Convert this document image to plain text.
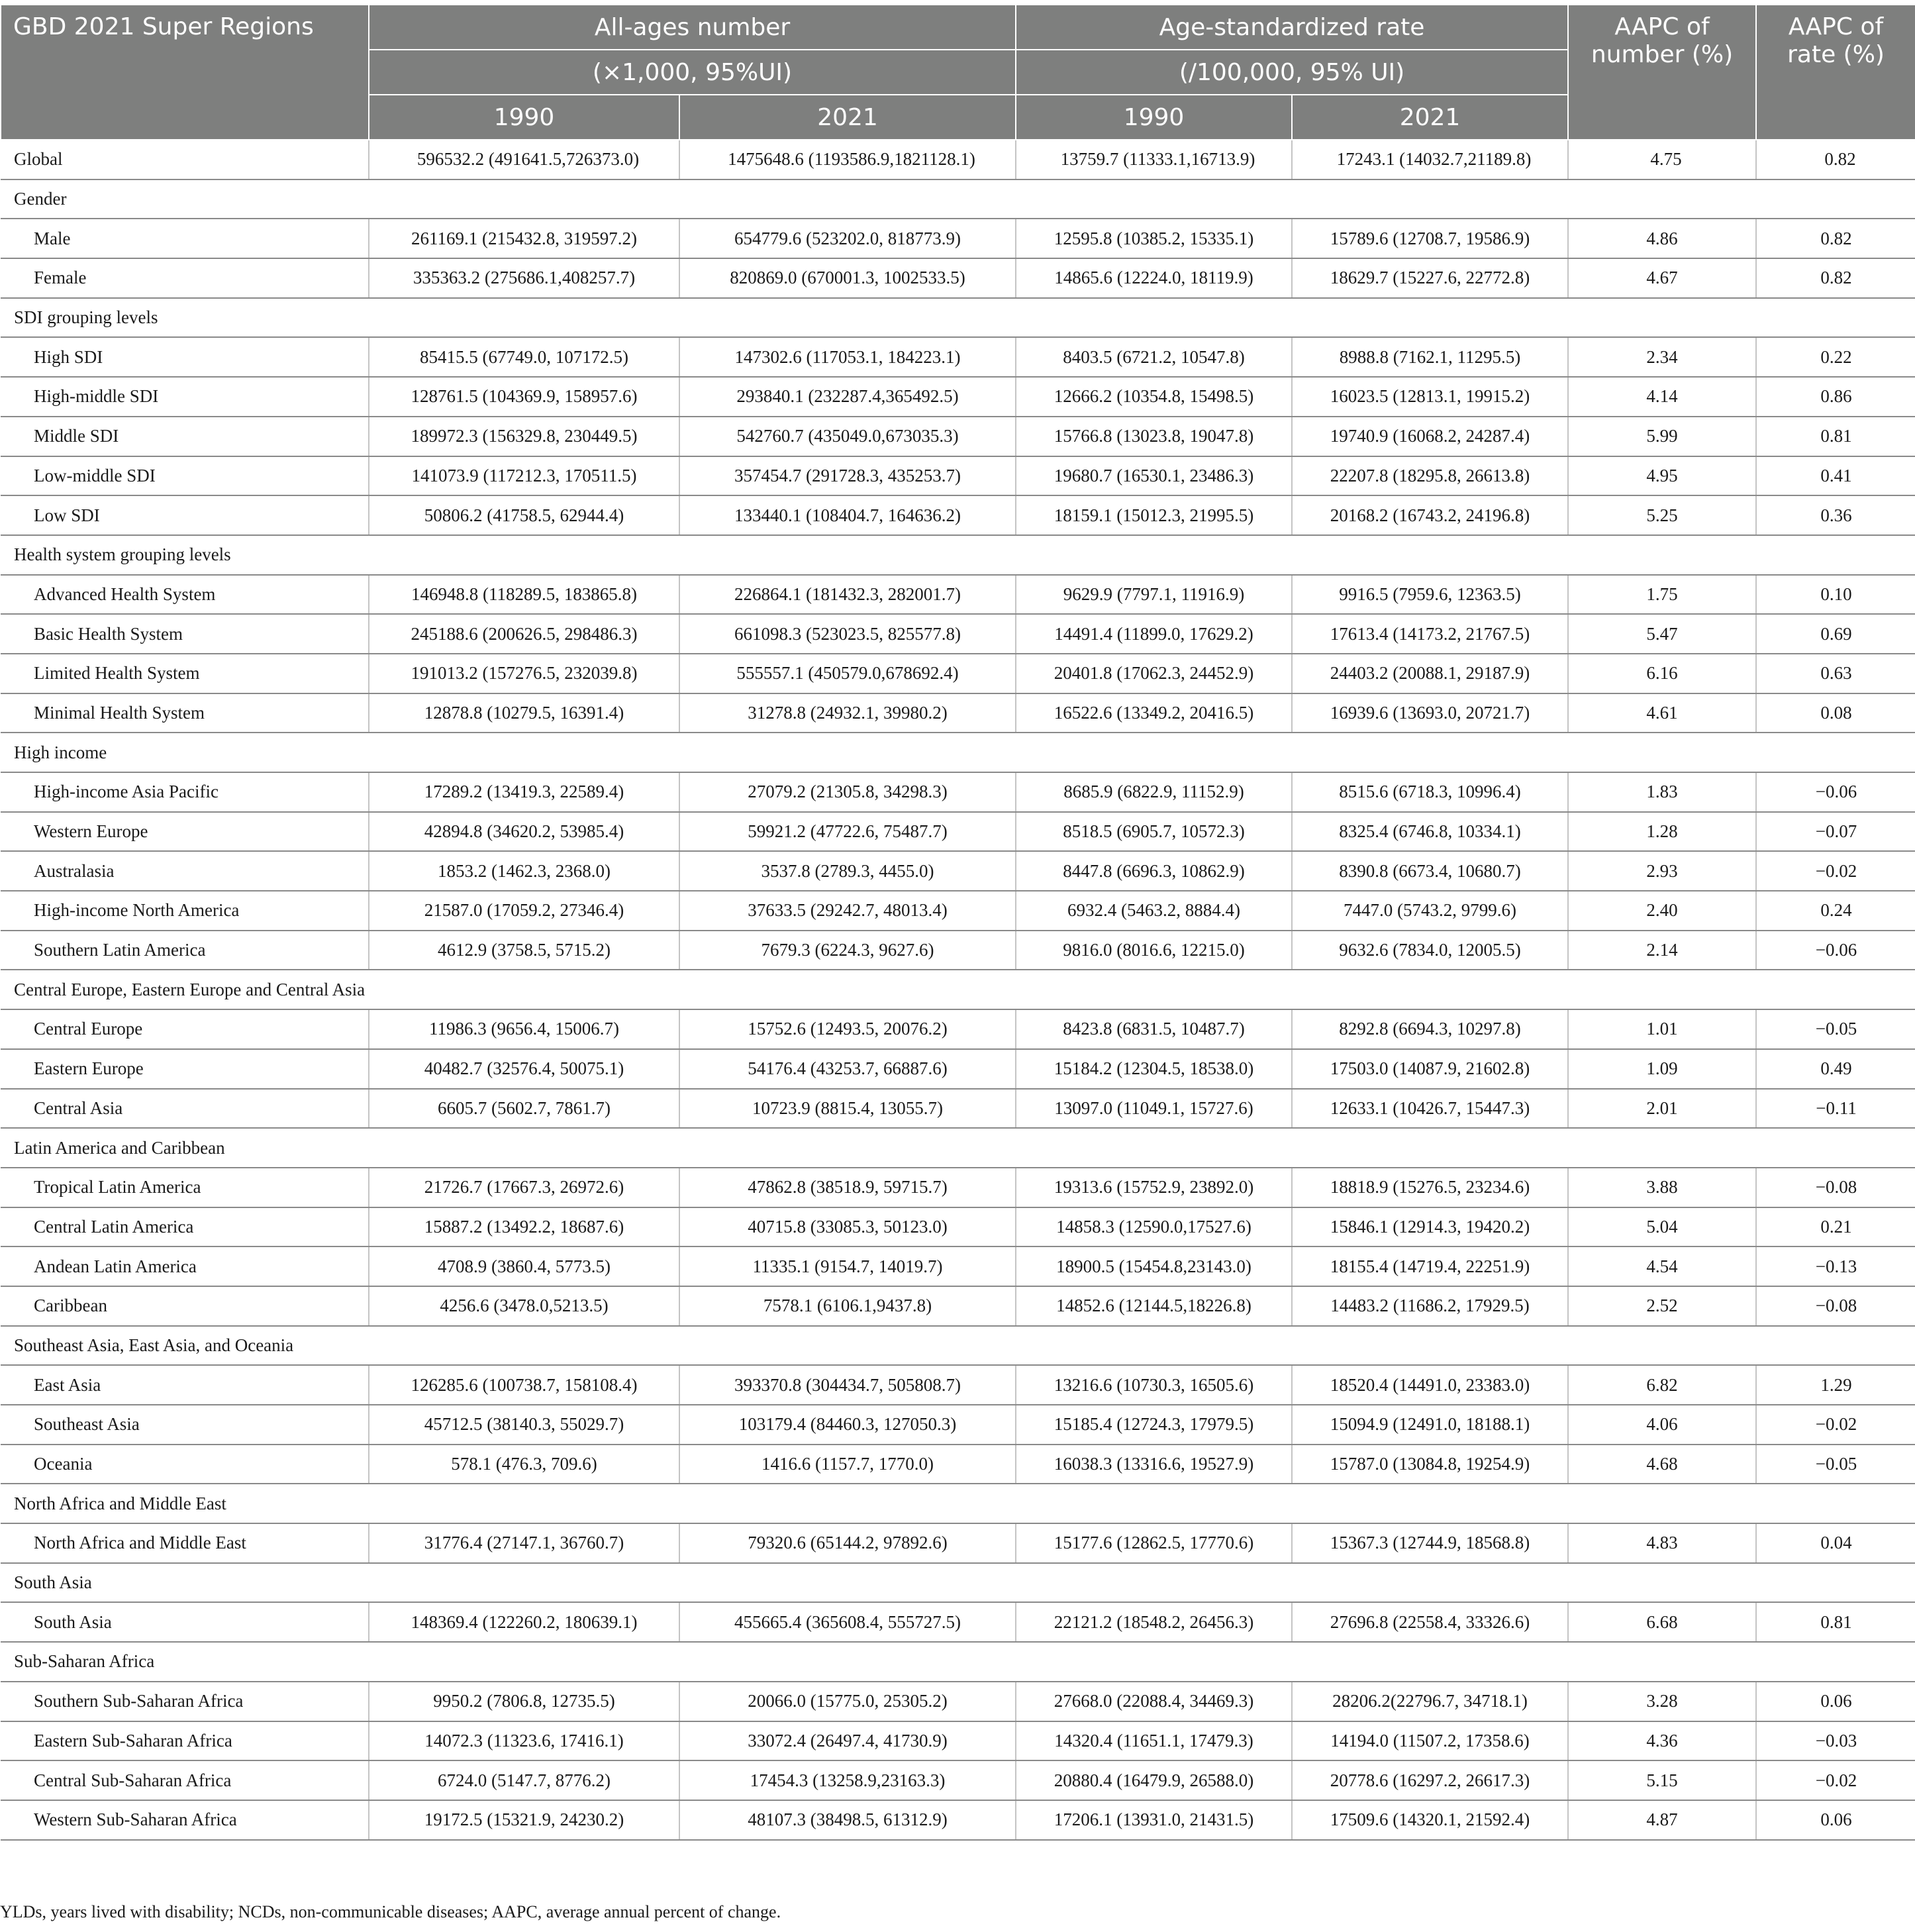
GBD 2021 Super Regions	All-ages number		Age-standardized rate		AAPC of number (%)	AAPC of rate (%)
	(×1,000, 95%UI)		(/100,000, 95% UI)			
	1990	2021	1990	2021		
Global	596532.2 (491641.5,726373.0)	1475648.6 (1193586.9,1821128.1)	13759.7 (11333.1,16713.9)	17243.1 (14032.7,21189.8)	4.75	0.82
Gender						
Male	261169.1 (215432.8, 319597.2)	654779.6 (523202.0, 818773.9)	12595.8 (10385.2, 15335.1)	15789.6 (12708.7, 19586.9)	4.86	0.82
Female	335363.2 (275686.1,408257.7)	820869.0 (670001.3, 1002533.5)	14865.6 (12224.0, 18119.9)	18629.7 (15227.6, 22772.8)	4.67	0.82
SDI grouping levels						
High SDI	85415.5 (67749.0, 107172.5)	147302.6 (117053.1, 184223.1)	8403.5 (6721.2, 10547.8)	8988.8 (7162.1, 11295.5)	2.34	0.22
High-middle SDI	128761.5 (104369.9, 158957.6)	293840.1 (232287.4,365492.5)	12666.2 (10354.8, 15498.5)	16023.5 (12813.1, 19915.2)	4.14	0.86
Middle SDI	189972.3 (156329.8, 230449.5)	542760.7 (435049.0,673035.3)	15766.8 (13023.8, 19047.8)	19740.9 (16068.2, 24287.4)	5.99	0.81
Low-middle SDI	141073.9 (117212.3, 170511.5)	357454.7 (291728.3, 435253.7)	19680.7 (16530.1, 23486.3)	22207.8 (18295.8, 26613.8)	4.95	0.41
Low SDI	50806.2 (41758.5, 62944.4)	133440.1 (108404.7, 164636.2)	18159.1 (15012.3, 21995.5)	20168.2 (16743.2, 24196.8)	5.25	0.36
Health system grouping levels						
Advanced Health System	146948.8 (118289.5, 183865.8)	226864.1 (181432.3, 282001.7)	9629.9 (7797.1, 11916.9)	9916.5 (7959.6, 12363.5)	1.75	0.10
Basic Health System	245188.6 (200626.5, 298486.3)	661098.3 (523023.5, 825577.8)	14491.4 (11899.0, 17629.2)	17613.4 (14173.2, 21767.5)	5.47	0.69
Limited Health System	191013.2 (157276.5, 232039.8)	555557.1 (450579.0,678692.4)	20401.8 (17062.3, 24452.9)	24403.2 (20088.1, 29187.9)	6.16	0.63
Minimal Health System	12878.8 (10279.5, 16391.4)	31278.8 (24932.1, 39980.2)	16522.6 (13349.2, 20416.5)	16939.6 (13693.0, 20721.7)	4.61	0.08
High income						
High-income Asia Pacific	17289.2 (13419.3, 22589.4)	27079.2 (21305.8, 34298.3)	8685.9 (6822.9, 11152.9)	8515.6 (6718.3, 10996.4)	1.83	−0.06
Western Europe	42894.8 (34620.2, 53985.4)	59921.2 (47722.6, 75487.7)	8518.5 (6905.7, 10572.3)	8325.4 (6746.8, 10334.1)	1.28	−0.07
Australasia	1853.2 (1462.3, 2368.0)	3537.8 (2789.3, 4455.0)	8447.8 (6696.3, 10862.9)	8390.8 (6673.4, 10680.7)	2.93	−0.02
High-income North America	21587.0 (17059.2, 27346.4)	37633.5 (29242.7, 48013.4)	6932.4 (5463.2, 8884.4)	7447.0 (5743.2, 9799.6)	2.40	0.24
Southern Latin America	4612.9 (3758.5, 5715.2)	7679.3 (6224.3, 9627.6)	9816.0 (8016.6, 12215.0)	9632.6 (7834.0, 12005.5)	2.14	−0.06
Central Europe, Eastern Europe and Central Asia						
Central Europe	11986.3 (9656.4, 15006.7)	15752.6 (12493.5, 20076.2)	8423.8 (6831.5, 10487.7)	8292.8 (6694.3, 10297.8)	1.01	−0.05
Eastern Europe	40482.7 (32576.4, 50075.1)	54176.4 (43253.7, 66887.6)	15184.2 (12304.5, 18538.0)	17503.0 (14087.9, 21602.8)	1.09	0.49
Central Asia	6605.7 (5602.7, 7861.7)	10723.9 (8815.4, 13055.7)	13097.0 (11049.1, 15727.6)	12633.1 (10426.7, 15447.3)	2.01	−0.11
Latin America and Caribbean						
Tropical Latin America	21726.7 (17667.3, 26972.6)	47862.8 (38518.9, 59715.7)	19313.6 (15752.9, 23892.0)	18818.9 (15276.5, 23234.6)	3.88	−0.08
Central Latin America	15887.2 (13492.2, 18687.6)	40715.8 (33085.3, 50123.0)	14858.3 (12590.0,17527.6)	15846.1 (12914.3, 19420.2)	5.04	0.21
Andean Latin America	4708.9 (3860.4, 5773.5)	11335.1 (9154.7, 14019.7)	18900.5 (15454.8,23143.0)	18155.4 (14719.4, 22251.9)	4.54	−0.13
Caribbean	4256.6 (3478.0,5213.5)	7578.1 (6106.1,9437.8)	14852.6 (12144.5,18226.8)	14483.2 (11686.2, 17929.5)	2.52	−0.08
Southeast Asia, East Asia, and Oceania						
East Asia	126285.6 (100738.7, 158108.4)	393370.8 (304434.7, 505808.7)	13216.6 (10730.3, 16505.6)	18520.4 (14491.0, 23383.0)	6.82	1.29
Southeast Asia	45712.5 (38140.3, 55029.7)	103179.4 (84460.3, 127050.3)	15185.4 (12724.3, 17979.5)	15094.9 (12491.0, 18188.1)	4.06	−0.02
Oceania	578.1 (476.3, 709.6)	1416.6 (1157.7, 1770.0)	16038.3 (13316.6, 19527.9)	15787.0 (13084.8, 19254.9)	4.68	−0.05
North Africa and Middle East						
North Africa and Middle East	31776.4 (27147.1, 36760.7)	79320.6 (65144.2, 97892.6)	15177.6 (12862.5, 17770.6)	15367.3 (12744.9, 18568.8)	4.83	0.04
South Asia						
South Asia	148369.4 (122260.2, 180639.1)	455665.4 (365608.4, 555727.5)	22121.2 (18548.2, 26456.3)	27696.8 (22558.4, 33326.6)	6.68	0.81
Sub-Saharan Africa						
Southern Sub-Saharan Africa	9950.2 (7806.8, 12735.5)	20066.0 (15775.0, 25305.2)	27668.0 (22088.4, 34469.3)	28206.2(22796.7, 34718.1)	3.28	0.06
Eastern Sub-Saharan Africa	14072.3 (11323.6, 17416.1)	33072.4 (26497.4, 41730.9)	14320.4 (11651.1, 17479.3)	14194.0 (11507.2, 17358.6)	4.36	−0.03
Central Sub-Saharan Africa	6724.0 (5147.7, 8776.2)	17454.3 (13258.9,23163.3)	20880.4 (16479.9, 26588.0)	20778.6 (16297.2, 26617.3)	5.15	−0.02
Western Sub-Saharan Africa	19172.5 (15321.9, 24230.2)	48107.3 (38498.5, 61312.9)	17206.1 (13931.0, 21431.5)	17509.6 (14320.1, 21592.4)	4.87	0.06
YLDs, years lived with disability; NCDs, non-communicable diseases; AAPC, average annual percent of change.
